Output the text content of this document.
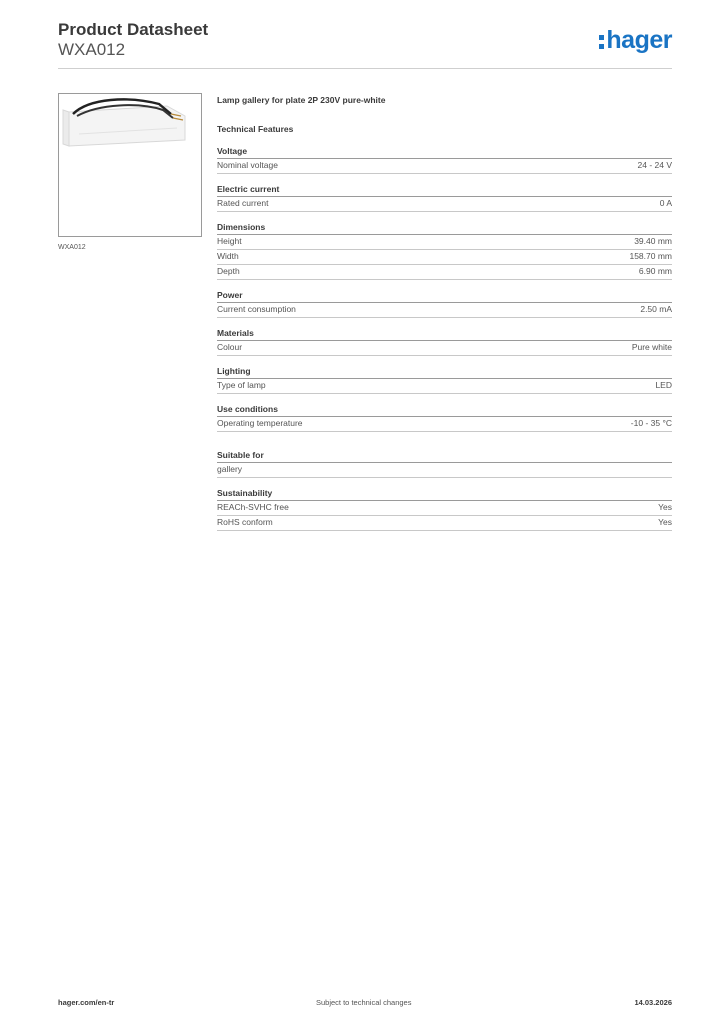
Product Datasheet
WXA012	hager
WXA012
Lamp gallery for plate 2P 230V pure-white
Technical Features
Voltage
Nominal voltage	24 - 24 V
Electric current
Rated current	0 A
Dimensions
Height	39.40 mm
Width	158.70 mm
Depth	6.90 mm
Power
Current consumption	2.50 mA
Materials
Colour	Pure white
Lighting
Type of lamp	LED
Use conditions
Operating temperature	-10 - 35 °C
Suitable for
gallery
Sustainability
REACh-SVHC free	Yes
RoHS conform	Yes
hager.com/en-tr	Subject to technical changes	14.03.2026
